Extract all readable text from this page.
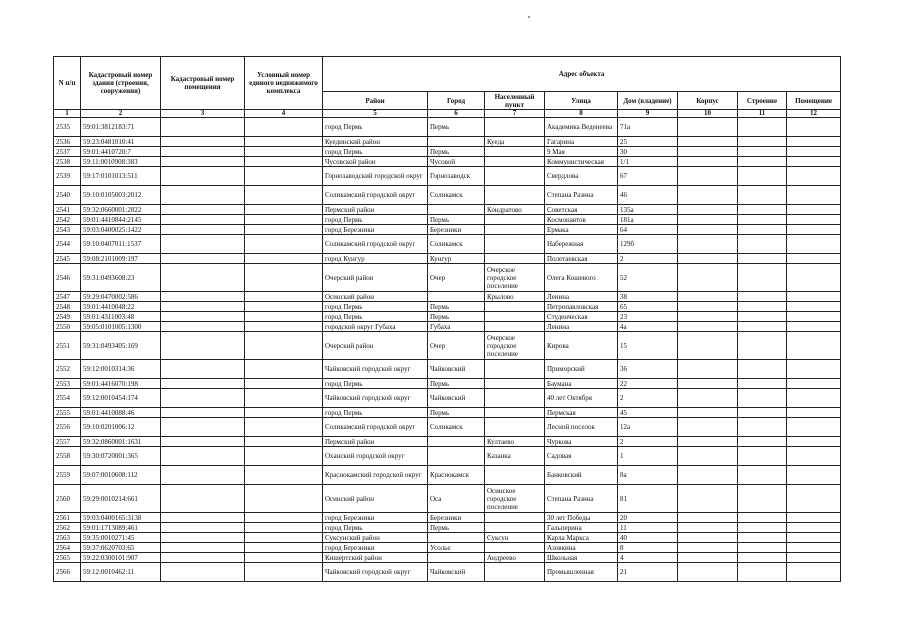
N п/п	Кадастровый номер здания (строения, сооружения)	Кадастровый номер помещения	Условный номер единого недвижимого комплекса	Адрес объекта							
				Район	Город	Населенный пункт	Улица	Дом (владение)	Корпус	Строение	Помещение
1	2	3	4	5	6	7	8	9	10	11	12
2535	59:01:3812183:71			город Пермь	Пермь		Академика Веденеева	71а			
2536	59:23:0481010:41			Куединский район		Куеда	Гагарина	25			
2537	59:01:4410720:7			город Пермь	Пермь		9 Мая	30			
2538	59:11:0010908:383			Чусовской район	Чусовой		Коммунистическая	1/1			
2539	59:17:0101013:511			Горнозаводский городской округ	Горнозаводск		Свердлова	67			
2540	59:10:0105003:2012			Соликамский городской округ	Соликамск		Степана Разина	46			
2541	59:32:0660001:2822			Пермский район		Кондратово	Советская	135а			
2542	59:01:4410844:2145			город Пермь	Пермь		Космонавтов	181а			
2543	59:03:0400025:1422			город Березники	Березники		Ермака	64			
2544	59:10:0407011:1537			Соликамский городской округ	Соликамск		Набережная	129б			
2545	59:08:2101009:197			город Кунгур	Кунгур		Полетаевская	2			
2546	59:31:0493608:23			Очерский район	Очер	Очерское городское поселение	Олега Кошевого	52			
2547	59:29:0470002:586			Осинский район		Крылово	Ленина	38			
2548	59:01:4410048:22			город Пермь	Пермь		Петропавловская	65			
2549	59:01:4311003:48			город Пермь	Пермь		Студенческая	23			
2550	59:05:0101005:1300			городской округ Губаха	Губаха		Ленина	4а			
2551	59:31:0493405:169			Очерский район	Очер	Очерское городское поселение	Кирова	15			
2552	59:12:0010314:36			Чайковский городской округ	Чайковский		Приморский	36			
2553	59:01:4416070:198			город Пермь	Пермь		Баумана	22			
2554	59:12:0010454:174			Чайковский городской округ	Чайковский		40 лет Октября	2			
2555	59:01:4410088:46			город Пермь	Пермь		Пермская	45			
2556	59:10:0201006:12			Соликамский городской округ	Соликамск		Лесной поселок	12а			
2557	59:32:0860001:1631			Пермский район		Култаево	Чуркова	2			
2558	59:30:0720001:365			Оханский городской округ		Казанка	Садовая	1			
2559	59:07:0010608:112			Краснокамский городской округ	Краснокамск		Банковский	8а			
2560	59:29:0010214:661			Осинский район	Оса	Осинское городское поселение	Степана Разина	81			
2561	59:03:0400165:3138			город Березники	Березники		30 лет Победы	20			
2562	59:01:1713089:461			город Пермь	Пермь		Гальперина	11			
2563	59:35:0010271:45			Суксунский район		Суксун	Карла Маркса	40			
2564	59:37:0620703:65			город Березники	Усолье		Азовкина	8			
2565	59:22:0300101:907			Кишертский район		Андреево	Школьная	4			
2566	59:12:0010462:11			Чайковский городской округ	Чайковский		Промышленная	21			
